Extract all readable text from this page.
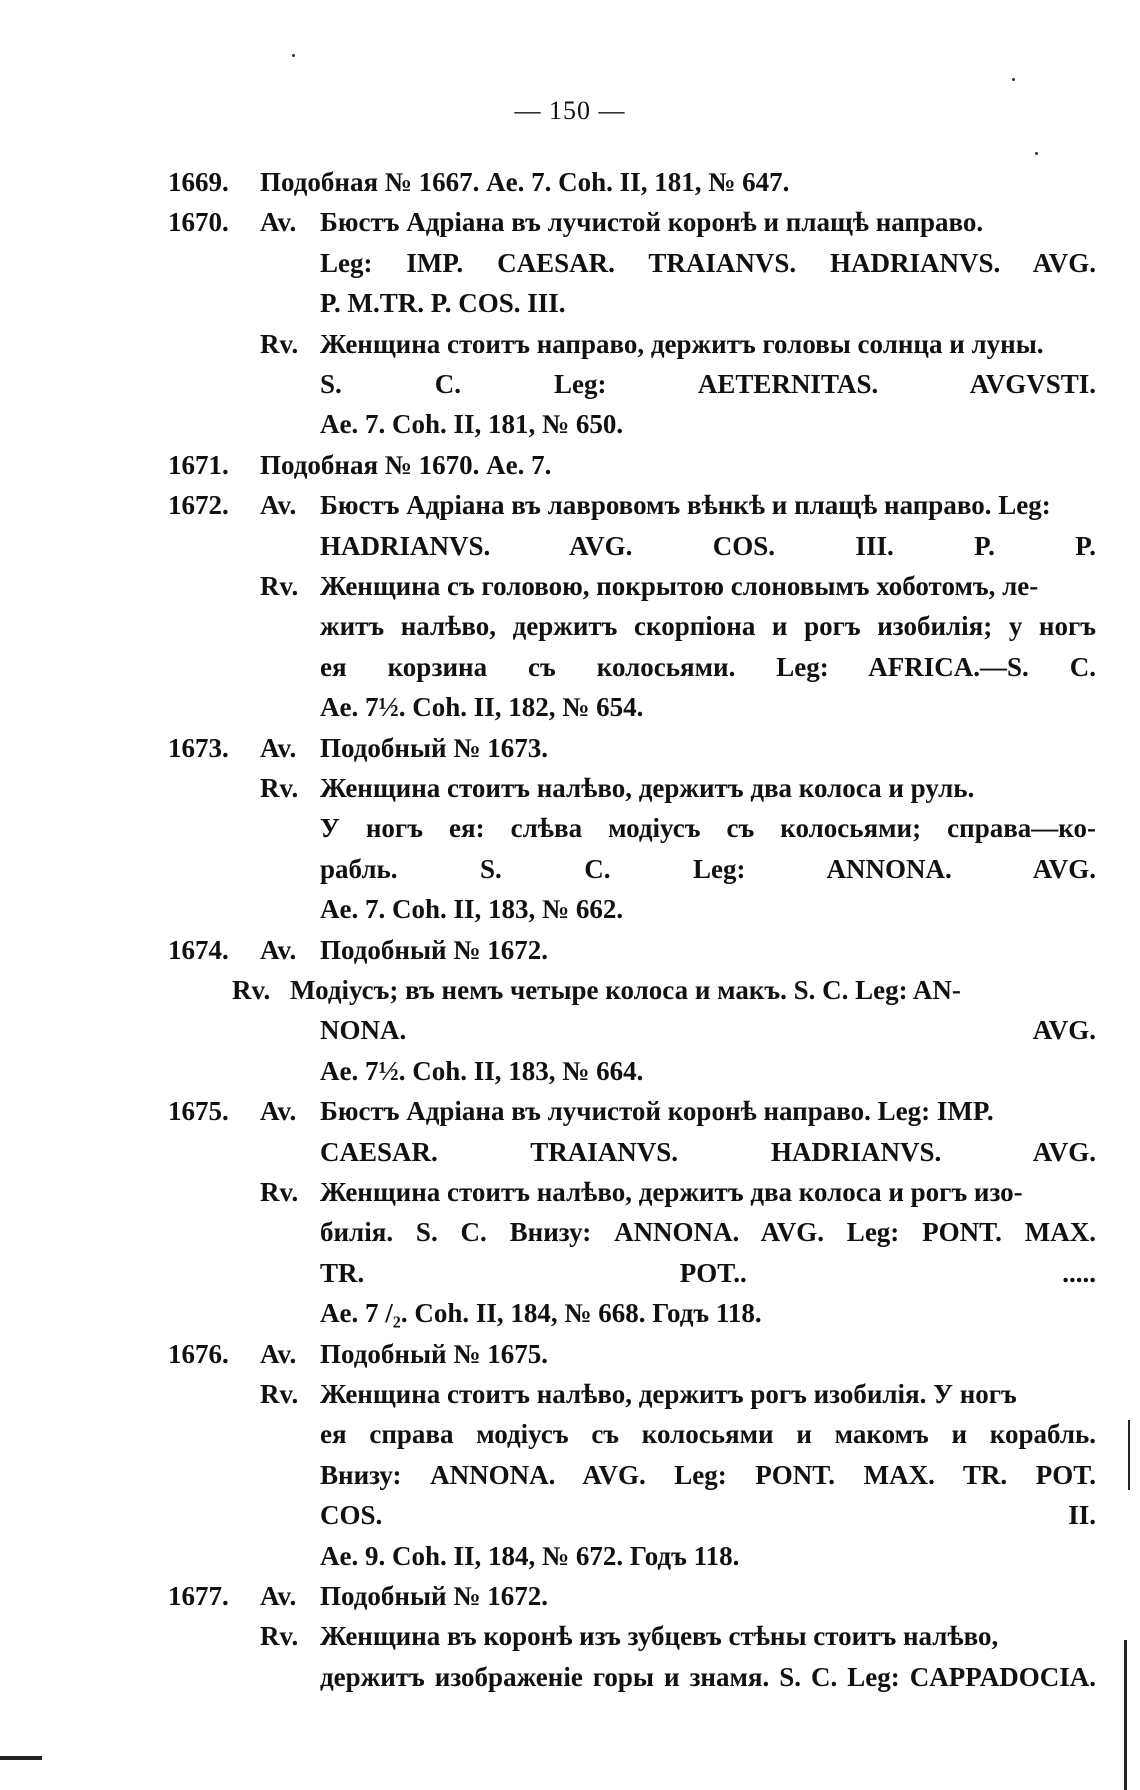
— 150 —
1669.	Подобная № 1667. Ae. 7. Coh. II, 181, № 647.
1670.	Av. Бюстъ Адріана въ лучистой коронѣ и плащѣ направо.
Leg: IMP. CAESAR. TRAIANVS. HADRIANVS. AVG.
P. M.TR. P. COS. III.
Rv. Женщина стоитъ направо, держитъ головы солнца и луны.
S. C. Leg: AETERNITAS. AVGVSTI.
Ae. 7. Coh. II, 181, № 650.
1671.	Подобная № 1670. Ae. 7.
1672.	Av. Бюстъ Адріана въ лавровомъ вѣнкѣ и плащѣ направо. Leg:
HADRIANVS. AVG. COS. III. P. P.
Rv. Женщина съ головою, покрытою слоновымъ хоботомъ, ле-
житъ налѣво, держитъ скорпіона и рогъ изобилія; у ногъ
ея корзина съ колосьями. Leg: AFRICA.—S. C.
Ae. 7½. Coh. II, 182, № 654.
1673.	Av. Подобный № 1673.
Rv. Женщина стоитъ налѣво, держитъ два колоса и руль.
У ногъ ея: слѣва модіусъ съ колосьями; справа—ко-
рабль. S. C. Leg: ANNONA. AVG.
Ae. 7. Coh. II, 183, № 662.
1674.	Av. Подобный № 1672.
Rv. Модіусъ; въ немъ четыре колоса и макъ. S. C. Leg: AN-
NONA. AVG.
Ae. 7½. Coh. II, 183, № 664.
1675.	Av. Бюстъ Адріана въ лучистой коронѣ направо. Leg: IMP.
CAESAR. TRAIANVS. HADRIANVS. AVG.
Rv. Женщина стоитъ налѣво, держитъ два колоса и рогъ изо-
билія. S. C. Внизу: ANNONA. AVG. Leg: PONT. MAX.
TR. POT.. .....
Ae. 7 /₂. Coh. II, 184, № 668. Годъ 118.
1676.	Av. Подобный № 1675.
Rv. Женщина стоитъ налѣво, держитъ рогъ изобилія. У ногъ
ея справа модіусъ съ колосьями и макомъ и корабль.
Внизу: ANNONA. AVG. Leg: PONT. MAX. TR. POT.
COS. II.
Ae. 9. Coh. II, 184, № 672. Годъ 118.
1677.	Av. Подобный № 1672.
Rv. Женщина въ коронѣ изъ зубцевъ стѣны стоитъ налѣво,
держитъ изображеніе горы и знамя. S. C. Leg: CAPPADOCIA.
